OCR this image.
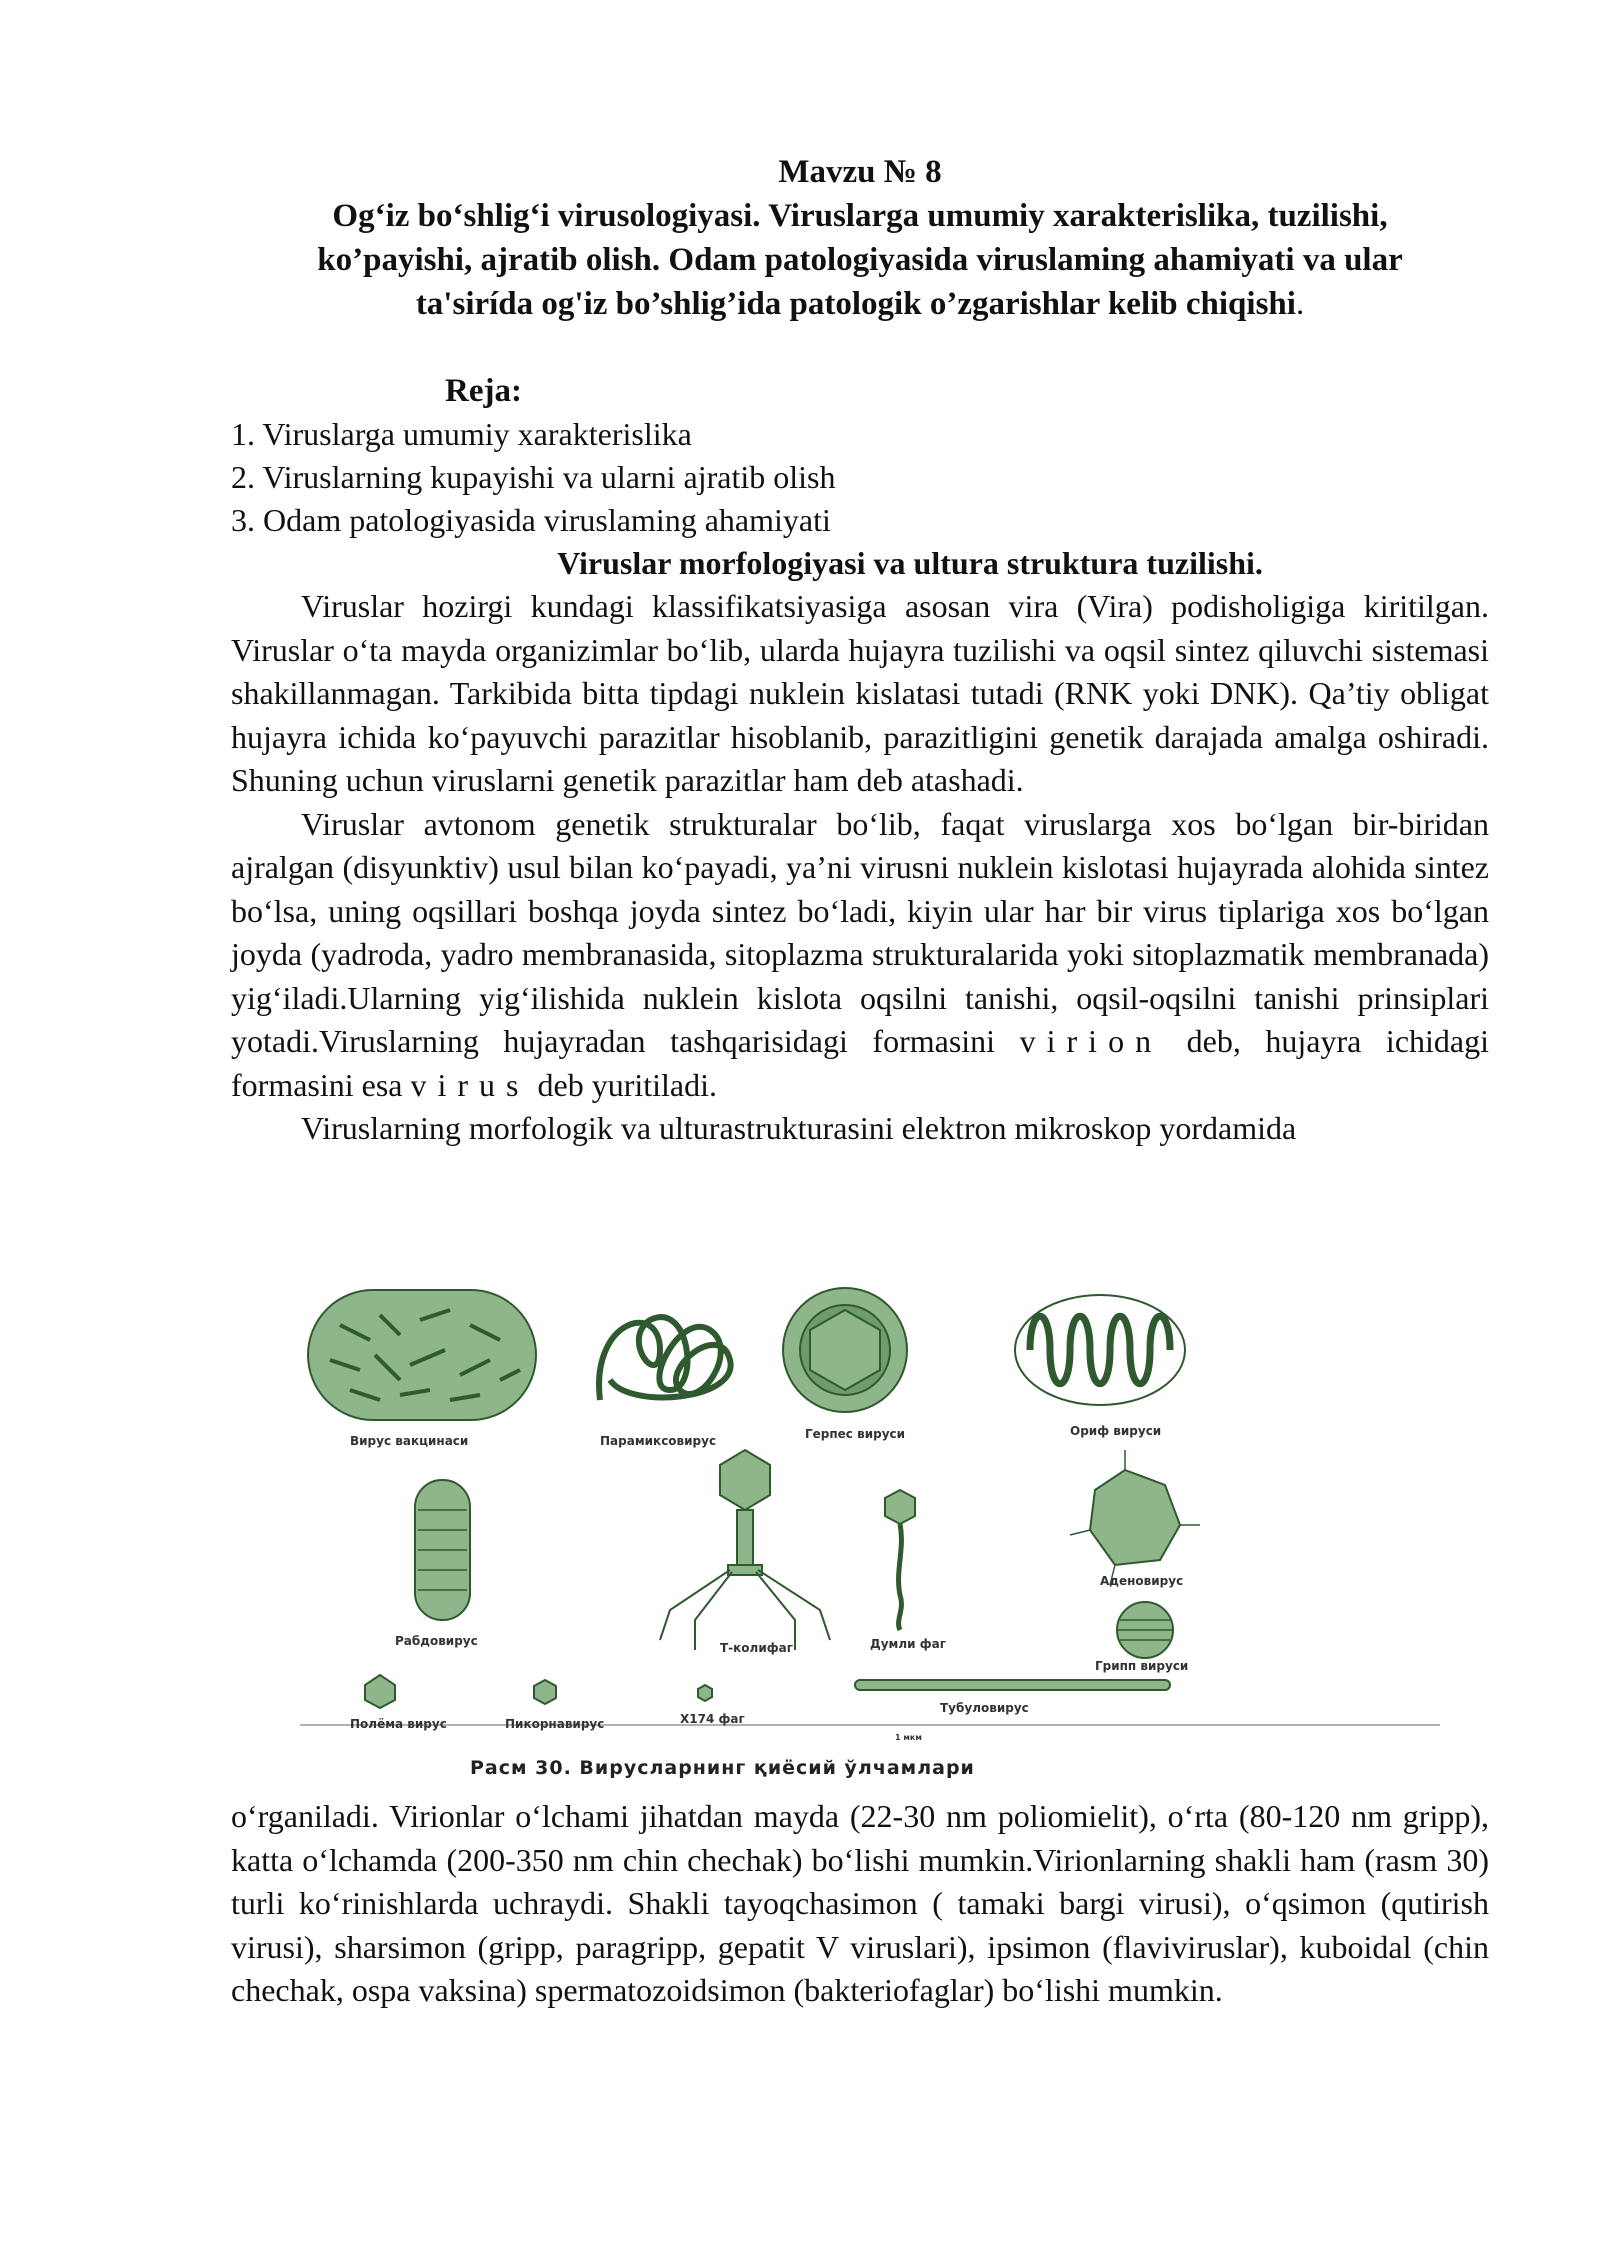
Mavzu № 8
Og‘iz bo‘shlig‘i virusologiyasi. Viruslarga umumiy xarakterislika, tuzilishi,
ko’payishi, ajratib olish. Odam patologiyasida viruslaming ahamiyati va ular
ta'sirída og'iz bo’shlig’ida patologik o’zgarishlar kelib chiqishi.
Reja:
1. Viruslarga umumiy xarakterislika
2. Viruslarning kupayishi va ularni ajratib olish
3. Odam patologiyasida viruslaming ahamiyati
Viruslar morfologiyasi va ultura struktura tuzilishi.

Viruslar hozirgi kundagi klassifikatsiyasiga asosan vira (Vira) podisholigiga kiritilgan. Viruslar o‘ta mayda organizimlar bo‘lib, ularda hujayra tuzilishi va oqsil sintez qiluvchi sistemasi shakillanmagan. Tarkibida bitta tipdagi nuklein kislatasi tutadi (RNK yoki DNK). Qa’tiy obligat hujayra ichida ko‘payuvchi parazitlar hisoblanib, parazitligini genetik darajada amalga oshiradi. Shuning uchun viruslarni genetik parazitlar ham deb atashadi.

Viruslar avtonom genetik strukturalar bo‘lib, faqat viruslarga xos bo‘lgan bir-biridan ajralgan (disyunktiv) usul bilan ko‘payadi, ya’ni virusni nuklein kislotasi hujayrada alohida sintez bo‘lsa, uning oqsillari boshqa joyda sintez bo‘ladi, kiyin ular har bir virus tiplariga xos bo‘lgan joyda (yadroda, yadro membranasida, sitoplazma strukturalarida yoki sitoplazmatik membranada) yig‘iladi.Ularning yig‘ilishida nuklein kislota oqsilni tanishi, oqsil-oqsilni tanishi prinsiplari yotadi.Viruslarning hujayradan tashqarisidagi formasini virion deb, hujayra ichidagi formasini esa virus deb yuritiladi.

Viruslarning morfologik va ulturastrukturasini elektron mikroskop yordamida

Вирус вакцинаси	Парамиксовирус	Герпес вируси	Ориф вируси
Аденовирус
Рабдовирус	Т-колифаг	Думли фаг
Грипп вируси
Полёма вирус	Пикорнавирус	Х174 фаг
Тубуловирус
1 мкм
Расм 30. Вирусларнинг қиёсий ўлчамлари

o‘rganiladi. Virionlar o‘lchami jihatdan mayda (22-30 nm poliomielit), o‘rta (80-120 nm gripp), katta o‘lchamda (200-350 nm chin chechak) bo‘lishi mumkin.Virionlarning shakli ham (rasm 30) turli ko‘rinishlarda uchraydi. Shakli tayoqchasimon ( tamaki bargi virusi), o‘qsimon (qutirish virusi), sharsimon (gripp, paragripp, gepatit V viruslari), ipsimon (flaviviruslar), kuboidal (chin chechak, ospa vaksina) spermatozoidsimon (bakteriofaglar) bo‘lishi mumkin.
